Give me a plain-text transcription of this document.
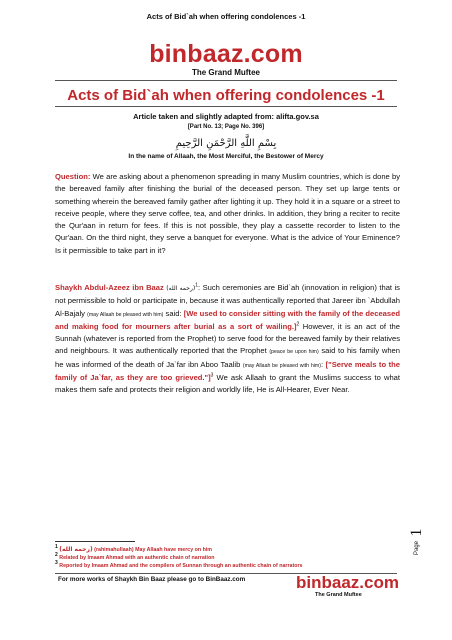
Acts of Bid`ah when offering condolences -1
binbaaz.com
The Grand Muftee
Acts of Bid`ah when offering condolences -1
Article taken and slightly adapted from: alifta.gov.sa
[Part No. 13; Page No. 396]
بِسْمِ اللَّهِ الرَّحْمَنِ الرَّحِيمِ
In the name of Allaah, the Most Merciful, the Bestower of Mercy
Question: We are asking about a phenomenon spreading in many Muslim countries, which is done by the bereaved family after finishing the burial of the deceased person. They set up large tents or something wherein the bereaved family gather after lighting it up. They hold it in a square or a street to receive people, where they serve coffee, tea, and other drinks. In addition, they bring a reciter to recite the Qur'aan in return for fees. If this is not possible, they play a cassette recorder to listen to the Qur'aan. On the third night, they serve a banquet for everyone. What is the advice of Your Eminence? Is it permissible to take part in it?
Shaykh Abdul-Azeez ibn Baaz (رحمه الله)$^1$: Such ceremonies are Bid`ah (innovation in religion) that is not permissible to hold or participate in, because it was authentically reported that Jareer ibn `Abdullah Al-Bajaly (may Allaah be pleased with him) said: [We used to consider sitting with the family of the deceased and making food for mourners after burial as a sort of wailing.]$^2$ However, it is an act of the Sunnah (whatever is reported from the Prophet) to serve food for the bereaved family by their relatives and neighbours. It was authentically reported that the Prophet (peace be upon him) said to his family when he was informed of the death of Ja`far ibn Aboo Taalib (may Allaah be pleased with him): ["Serve meals to the family of Ja`far, as they are too grieved."]$^3$ We ask Allaah to grant the Muslims success to what makes them safe and protects their religion and worldly life, He is All-Hearer, Ever Near.
$^1$ (رحمه الله) (rahimahullaah) May Allaah have mercy on him
$^2$ Related by Imaam Ahmad with an authentic chain of narration
$^3$ Reported by Imaam Ahmad and the compilers of Sunnan through an authentic chain of narrators
Page 1
For more works of Shaykh Bin Baaz please go to BinBaaz.com	binbaaz.com
The Grand Muftee
